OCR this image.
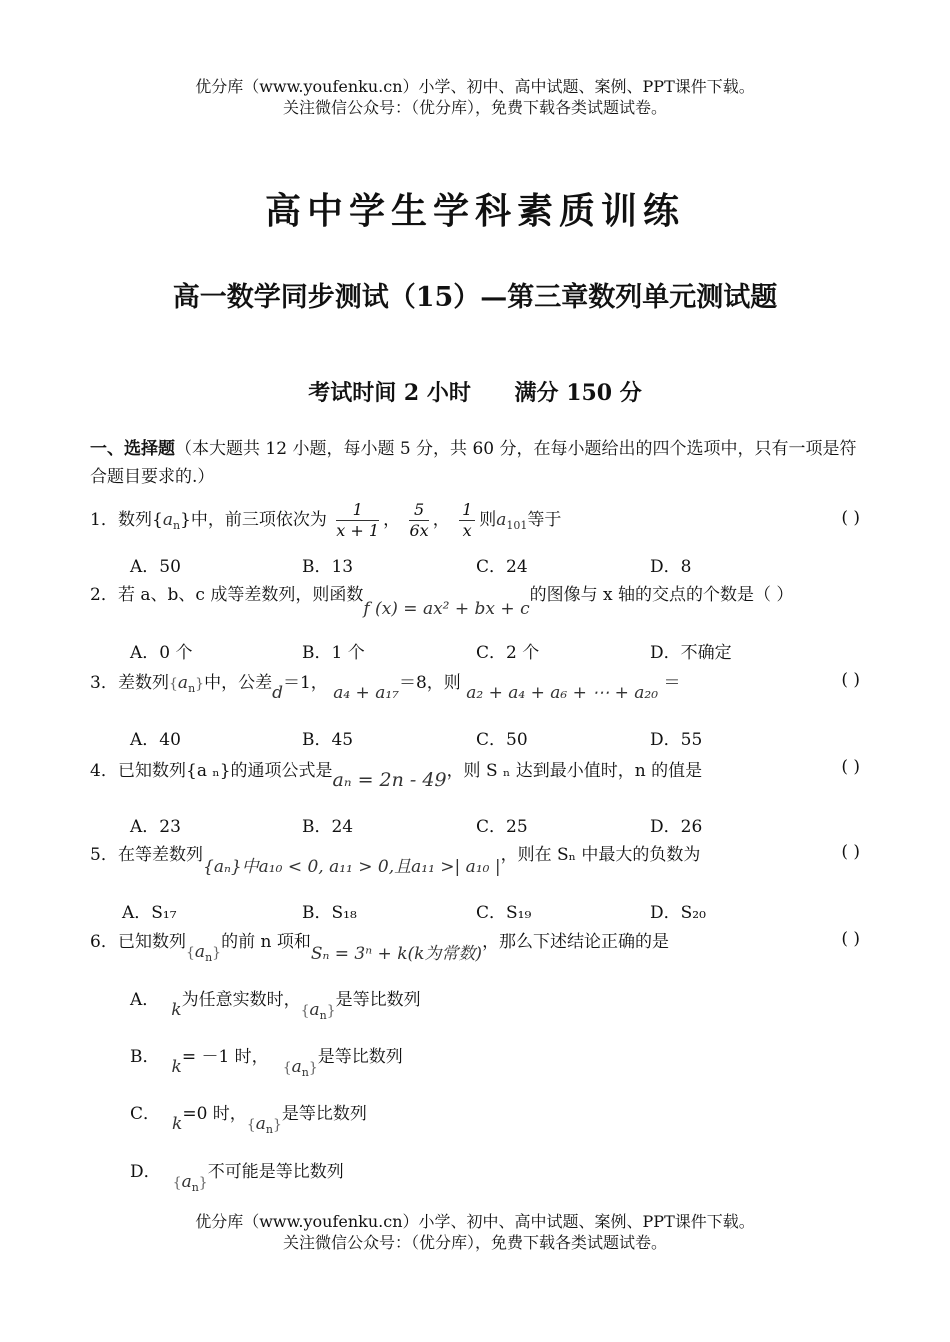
优分库（www.youfenku.cn）小学、初中、高中试题、案例、PPT课件下载。
关注微信公众号：（优分库），免费下载各类试题试卷。
高中学生学科素质训练
高一数学同步测试（15）—第三章数列单元测试题
考试时间 2 小时 满分 150 分
一、选择题（本大题共 12 小题，每小题 5 分，共 60 分，在每小题给出的四个选项中，只有一项是符合题目要求的.）
1．数列$\{a_n\}$中，前三项依次为 $\frac{1}{x + 1}$ ， $\frac{5}{6x}$ ， $\frac{1}{x}$ 则$a_{101}$等于	( )
A．50	B．13	C．24	D．8
2．若 a、b、c 成等差数列，则函数f (x) = ax² + bx + c的图像与 x 轴的交点的个数是（ ）
A．0 个	B．1 个	C．2 个	D．不确定
3．差数列$\{a_n\}$中，公差d＝1， a₄ + a₁₇＝8，则 a₂ + a₄ + a₆ + ⋯ + a₂₀ ＝	( )
A．40	B．45	C．50	D．55
4．已知数列{a ₙ}的通项公式是aₙ = 2n - 49，则 S ₙ 达到最小值时，n 的值是	( )
A．23	B．24	C．25	D．26
5．在等差数列{aₙ}中a₁₀ < 0, a₁₁ > 0,且a₁₁ >| a₁₀ |，则在 Sₙ 中最大的负数为	( )
A．S₁₇	B．S₁₈	C．S₁₉	D．S₂₀
6．已知数列$\{a_n\}$的前 n 项和Sₙ = 3ⁿ + k(k为常数)，那么下述结论正确的是	( )
A． k为任意实数时，$\{a_n\}$是等比数列
B． k= －1 时，$\{a_n\}$是等比数列
C． k=0 时，$\{a_n\}$是等比数列
D．$\{a_n\}$不可能是等比数列
优分库（www.youfenku.cn）小学、初中、高中试题、案例、PPT课件下载。
关注微信公众号：（优分库），免费下载各类试题试卷。
